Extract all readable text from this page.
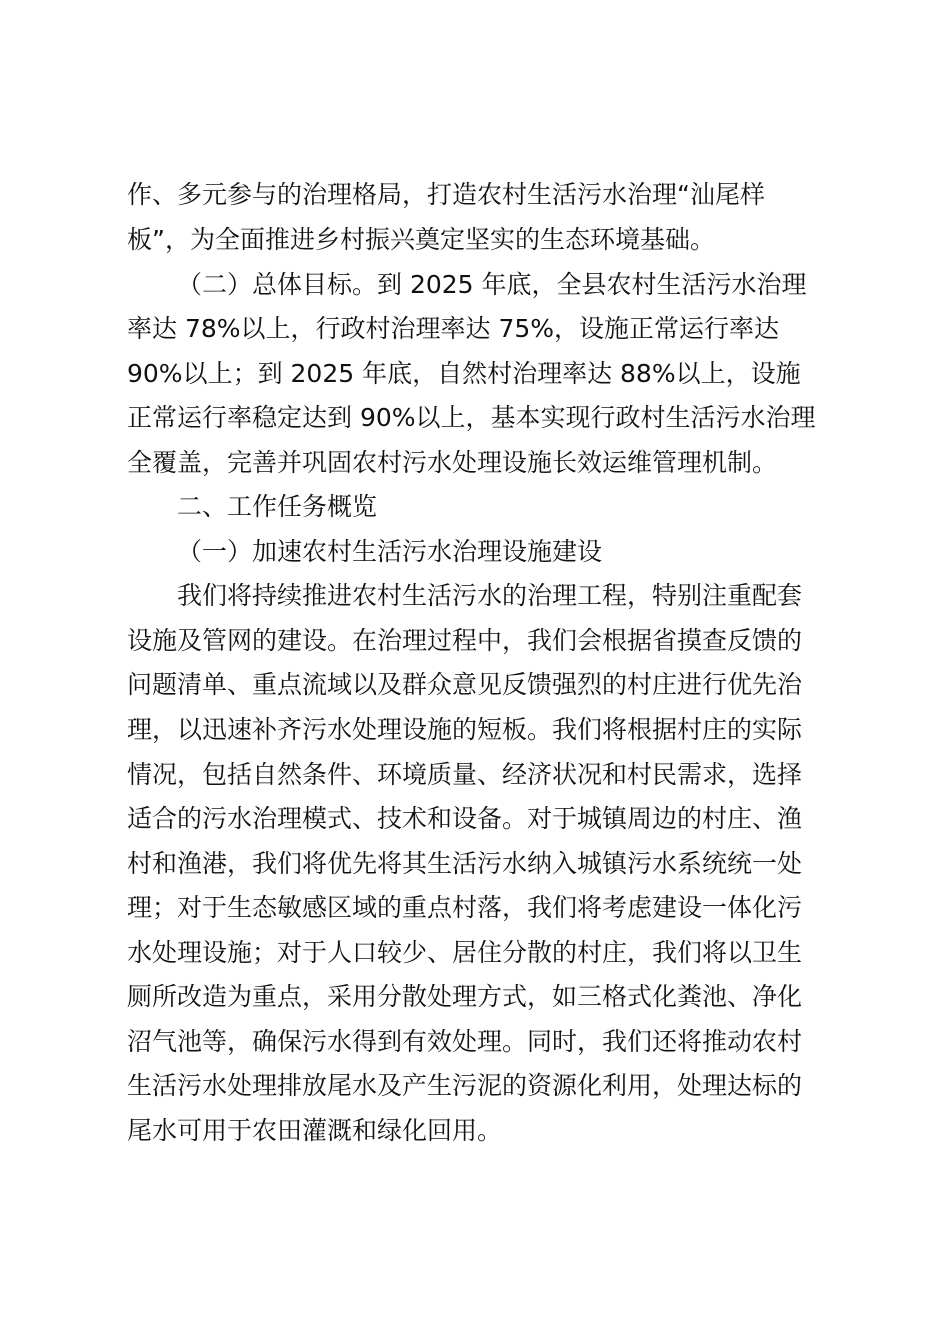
作、多元参与的治理格局，打造农村生活污水治理“汕尾样
板”，为全面推进乡村振兴奠定坚实的生态环境基础。
（二）总体目标。到 2025 年底，全县农村生活污水治理
率达 78%以上，行政村治理率达 75%，设施正常运行率达
90%以上；到 2025 年底，自然村治理率达 88%以上，设施
正常运行率稳定达到 90%以上，基本实现行政村生活污水治理
全覆盖，完善并巩固农村污水处理设施长效运维管理机制。
二、工作任务概览
（一）加速农村生活污水治理设施建设
我们将持续推进农村生活污水的治理工程，特别注重配套
设施及管网的建设。在治理过程中，我们会根据省摸查反馈的
问题清单、重点流域以及群众意见反馈强烈的村庄进行优先治
理，以迅速补齐污水处理设施的短板。我们将根据村庄的实际
情况，包括自然条件、环境质量、经济状况和村民需求，选择
适合的污水治理模式、技术和设备。对于城镇周边的村庄、渔
村和渔港，我们将优先将其生活污水纳入城镇污水系统统一处
理；对于生态敏感区域的重点村落，我们将考虑建设一体化污
水处理设施；对于人口较少、居住分散的村庄，我们将以卫生
厕所改造为重点，采用分散处理方式，如三格式化粪池、净化
沼气池等，确保污水得到有效处理。同时，我们还将推动农村
生活污水处理排放尾水及产生污泥的资源化利用，处理达标的
尾水可用于农田灌溉和绿化回用。
